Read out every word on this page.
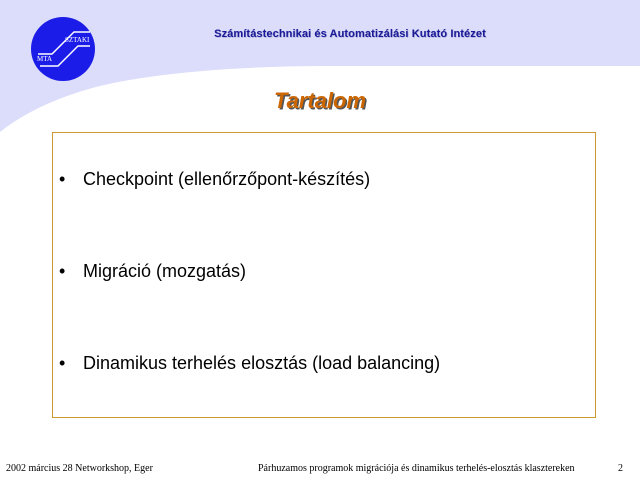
MTA
SZTAKI	Számítástechnikai és Automatizálási Kutató Intézet
Tartalom
• Checkpoint (ellenőrzőpont-készítés)
• Migráció (mozgatás)
• Dinamikus terhelés elosztás (load balancing)
2002 március 28 Networkshop, Eger	Párhuzamos programok migrációja és dinamikus terhelés-elosztás klasztereken	2
